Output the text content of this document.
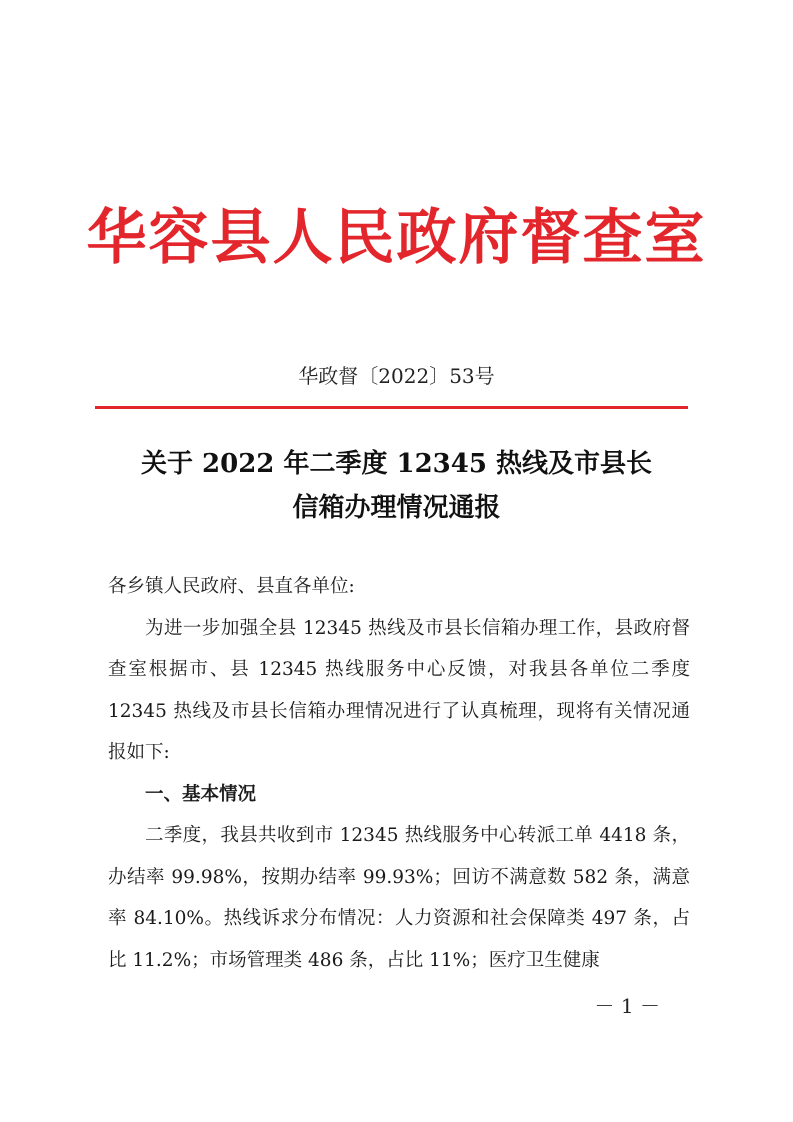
华容县人民政府督查室
华政督〔2022〕53号
关于 2022 年二季度 12345 热线及市县长
信箱办理情况通报

各乡镇人民政府、县直各单位:

为进一步加强全县 12345 热线及市县长信箱办理工作，县政府督查室根据市、县 12345 热线服务中心反馈，对我县各单位二季度 12345 热线及市县长信箱办理情况进行了认真梳理，现将有关情况通报如下:

一、基本情况

二季度，我县共收到市 12345 热线服务中心转派工单 4418 条，办结率 99.98%，按期办结率 99.93%；回访不满意数 582 条，满意率 84.10%。热线诉求分布情况：人力资源和社会保障类 497 条，占比 11.2%；市场管理类 486 条，占比 11%；医疗卫生健康

－ 1 －
